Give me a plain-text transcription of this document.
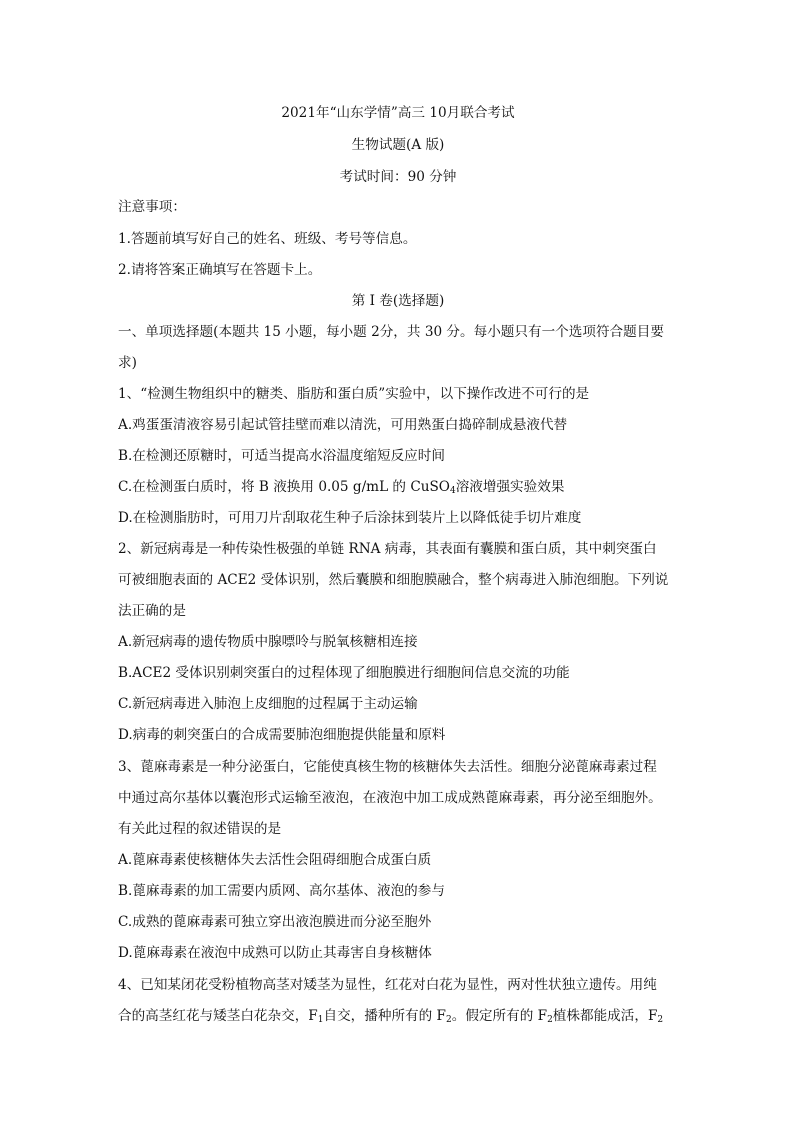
2021年“山东学情”高三 10月联合考试
生物试题(A 版)
考试时间：90 分钟
注意事项：
1.答题前填写好自己的姓名、班级、考号等信息。
2.请将答案正确填写在答题卡上。
第 I 卷(选择题)
一、单项选择题(本题共 15 小题，每小题 2分，共 30 分。每小题只有一个选项符合题目要
求)
1、“检测生物组织中的糖类、脂肪和蛋白质”实验中，以下操作改进不可行的是
A.鸡蛋蛋清液容易引起试管挂壁而难以清洗，可用熟蛋白捣碎制成悬液代替
B.在检测还原糖时，可适当提高水浴温度缩短反应时间
C.在检测蛋白质时，将 B 液换用 0.05 g/mL 的 CuSO$_4$溶液增强实验效果
D.在检测脂肪时，可用刀片刮取花生种子后涂抹到装片上以降低徒手切片难度
2、新冠病毒是一种传染性极强的单链 RNA 病毒，其表面有囊膜和蛋白质，其中刺突蛋白
可被细胞表面的 ACE2 受体识别，然后囊膜和细胞膜融合，整个病毒进入肺泡细胞。下列说
法正确的是
A.新冠病毒的遗传物质中腺嘌呤与脱氧核糖相连接
B.ACE2 受体识别刺突蛋白的过程体现了细胞膜进行细胞间信息交流的功能
C.新冠病毒进入肺泡上皮细胞的过程属于主动运输
D.病毒的刺突蛋白的合成需要肺泡细胞提供能量和原料
3、蓖麻毒素是一种分泌蛋白，它能使真核生物的核糖体失去活性。细胞分泌蓖麻毒素过程
中通过高尔基体以囊泡形式运输至液泡，在液泡中加工成成熟蓖麻毒素，再分泌至细胞外。
有关此过程的叙述错误的是
A.蓖麻毒素使核糖体失去活性会阻碍细胞合成蛋白质
B.蓖麻毒素的加工需要内质网、高尔基体、液泡的参与
C.成熟的蓖麻毒素可独立穿出液泡膜进而分泌至胞外
D.蓖麻毒素在液泡中成熟可以防止其毒害自身核糖体
4、已知某闭花受粉植物高茎对矮茎为显性，红花对白花为显性，两对性状独立遗传。用纯
合的高茎红花与矮茎白花杂交，$F_1$自交，播种所有的 $F_2$。假定所有的 $F_2$植株都能成活，$F_2$
